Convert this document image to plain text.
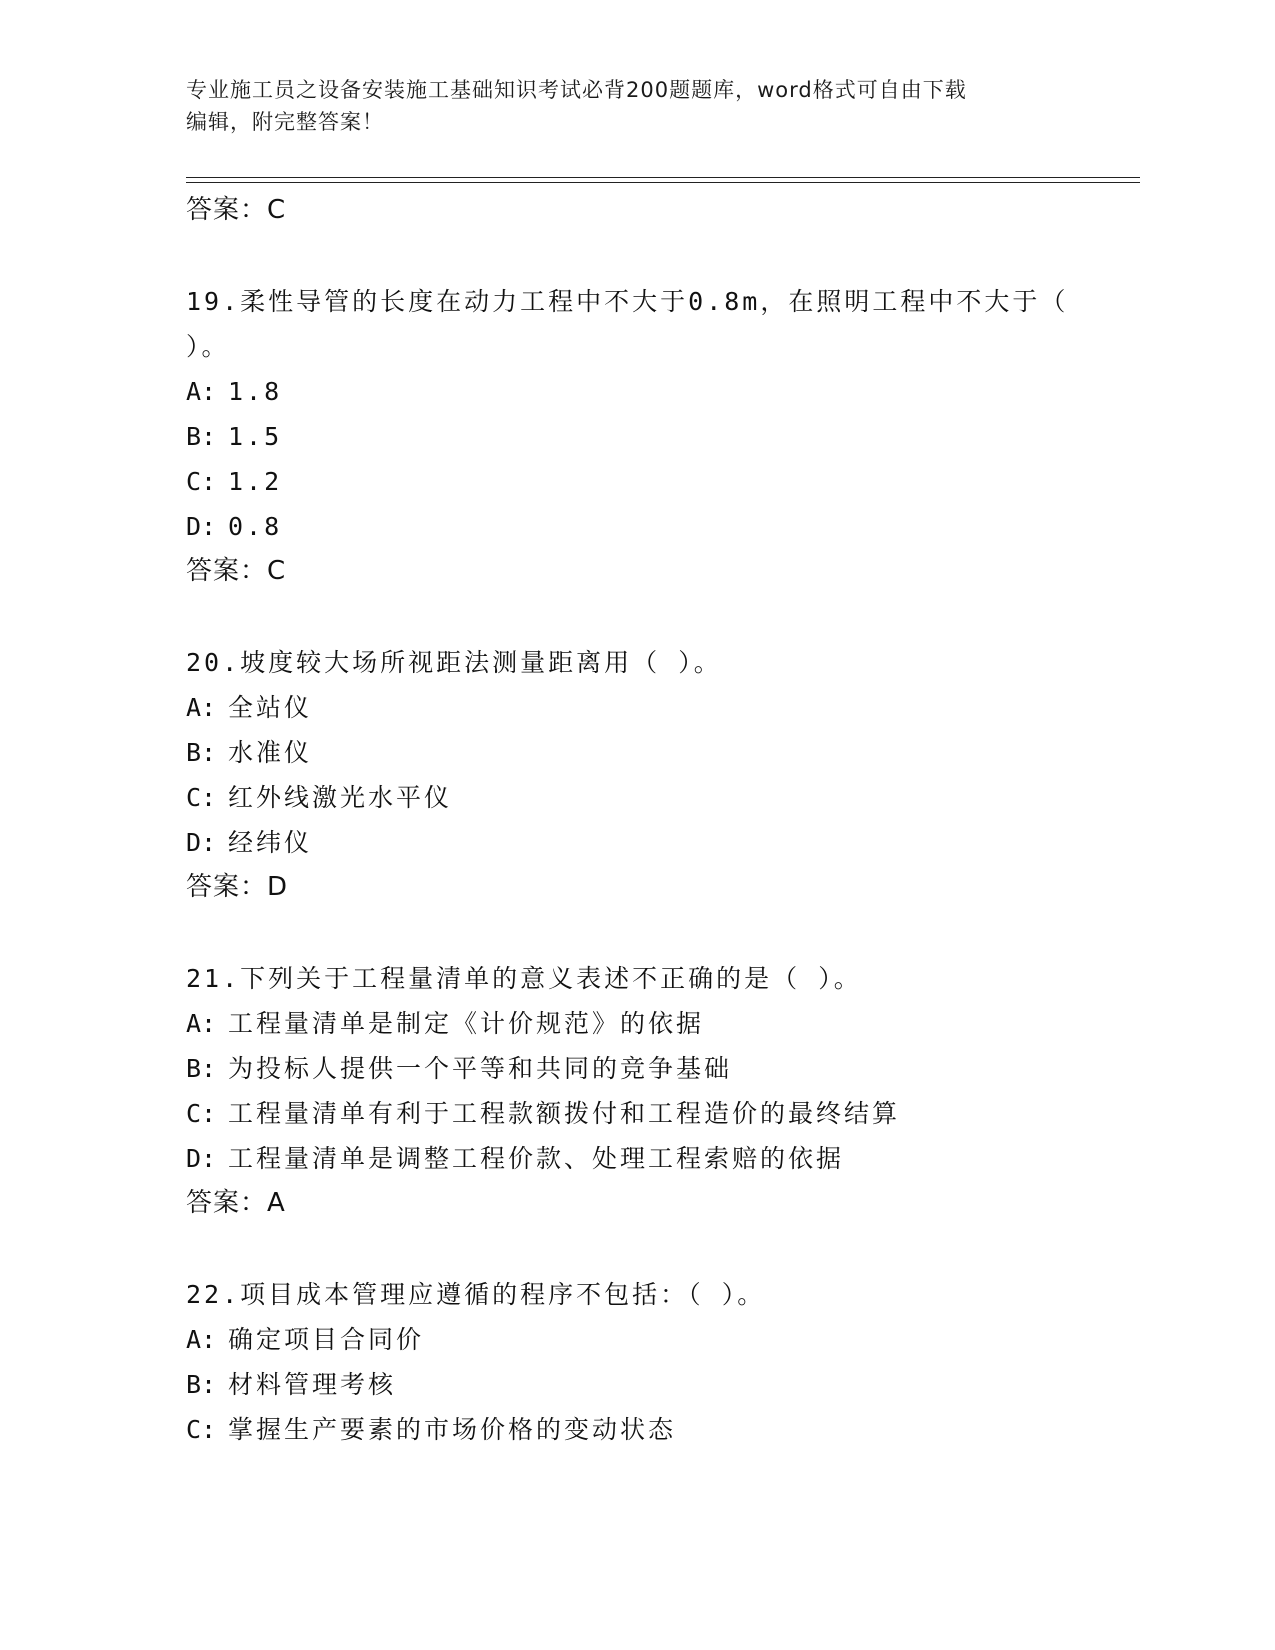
专业施工员之设备安装施工基础知识考试必背200题题库，word格式可自由下载
编辑，附完整答案！
答案：C
19.柔性导管的长度在动力工程中不大于0.8m，在照明工程中不大于（
）。
A: 1.8
B: 1.5
C: 1.2
D: 0.8
答案：C
20.坡度较大场所视距法测量距离用（ ）。
A: 全站仪
B: 水准仪
C: 红外线激光水平仪
D: 经纬仪
答案：D
21.下列关于工程量清单的意义表述不正确的是（ ）。
A: 工程量清单是制定《计价规范》的依据
B: 为投标人提供一个平等和共同的竞争基础
C: 工程量清单有利于工程款额拨付和工程造价的最终结算
D: 工程量清单是调整工程价款、处理工程索赔的依据
答案：A
22.项目成本管理应遵循的程序不包括：（ ）。
A: 确定项目合同价
B: 材料管理考核
C: 掌握生产要素的市场价格的变动状态
